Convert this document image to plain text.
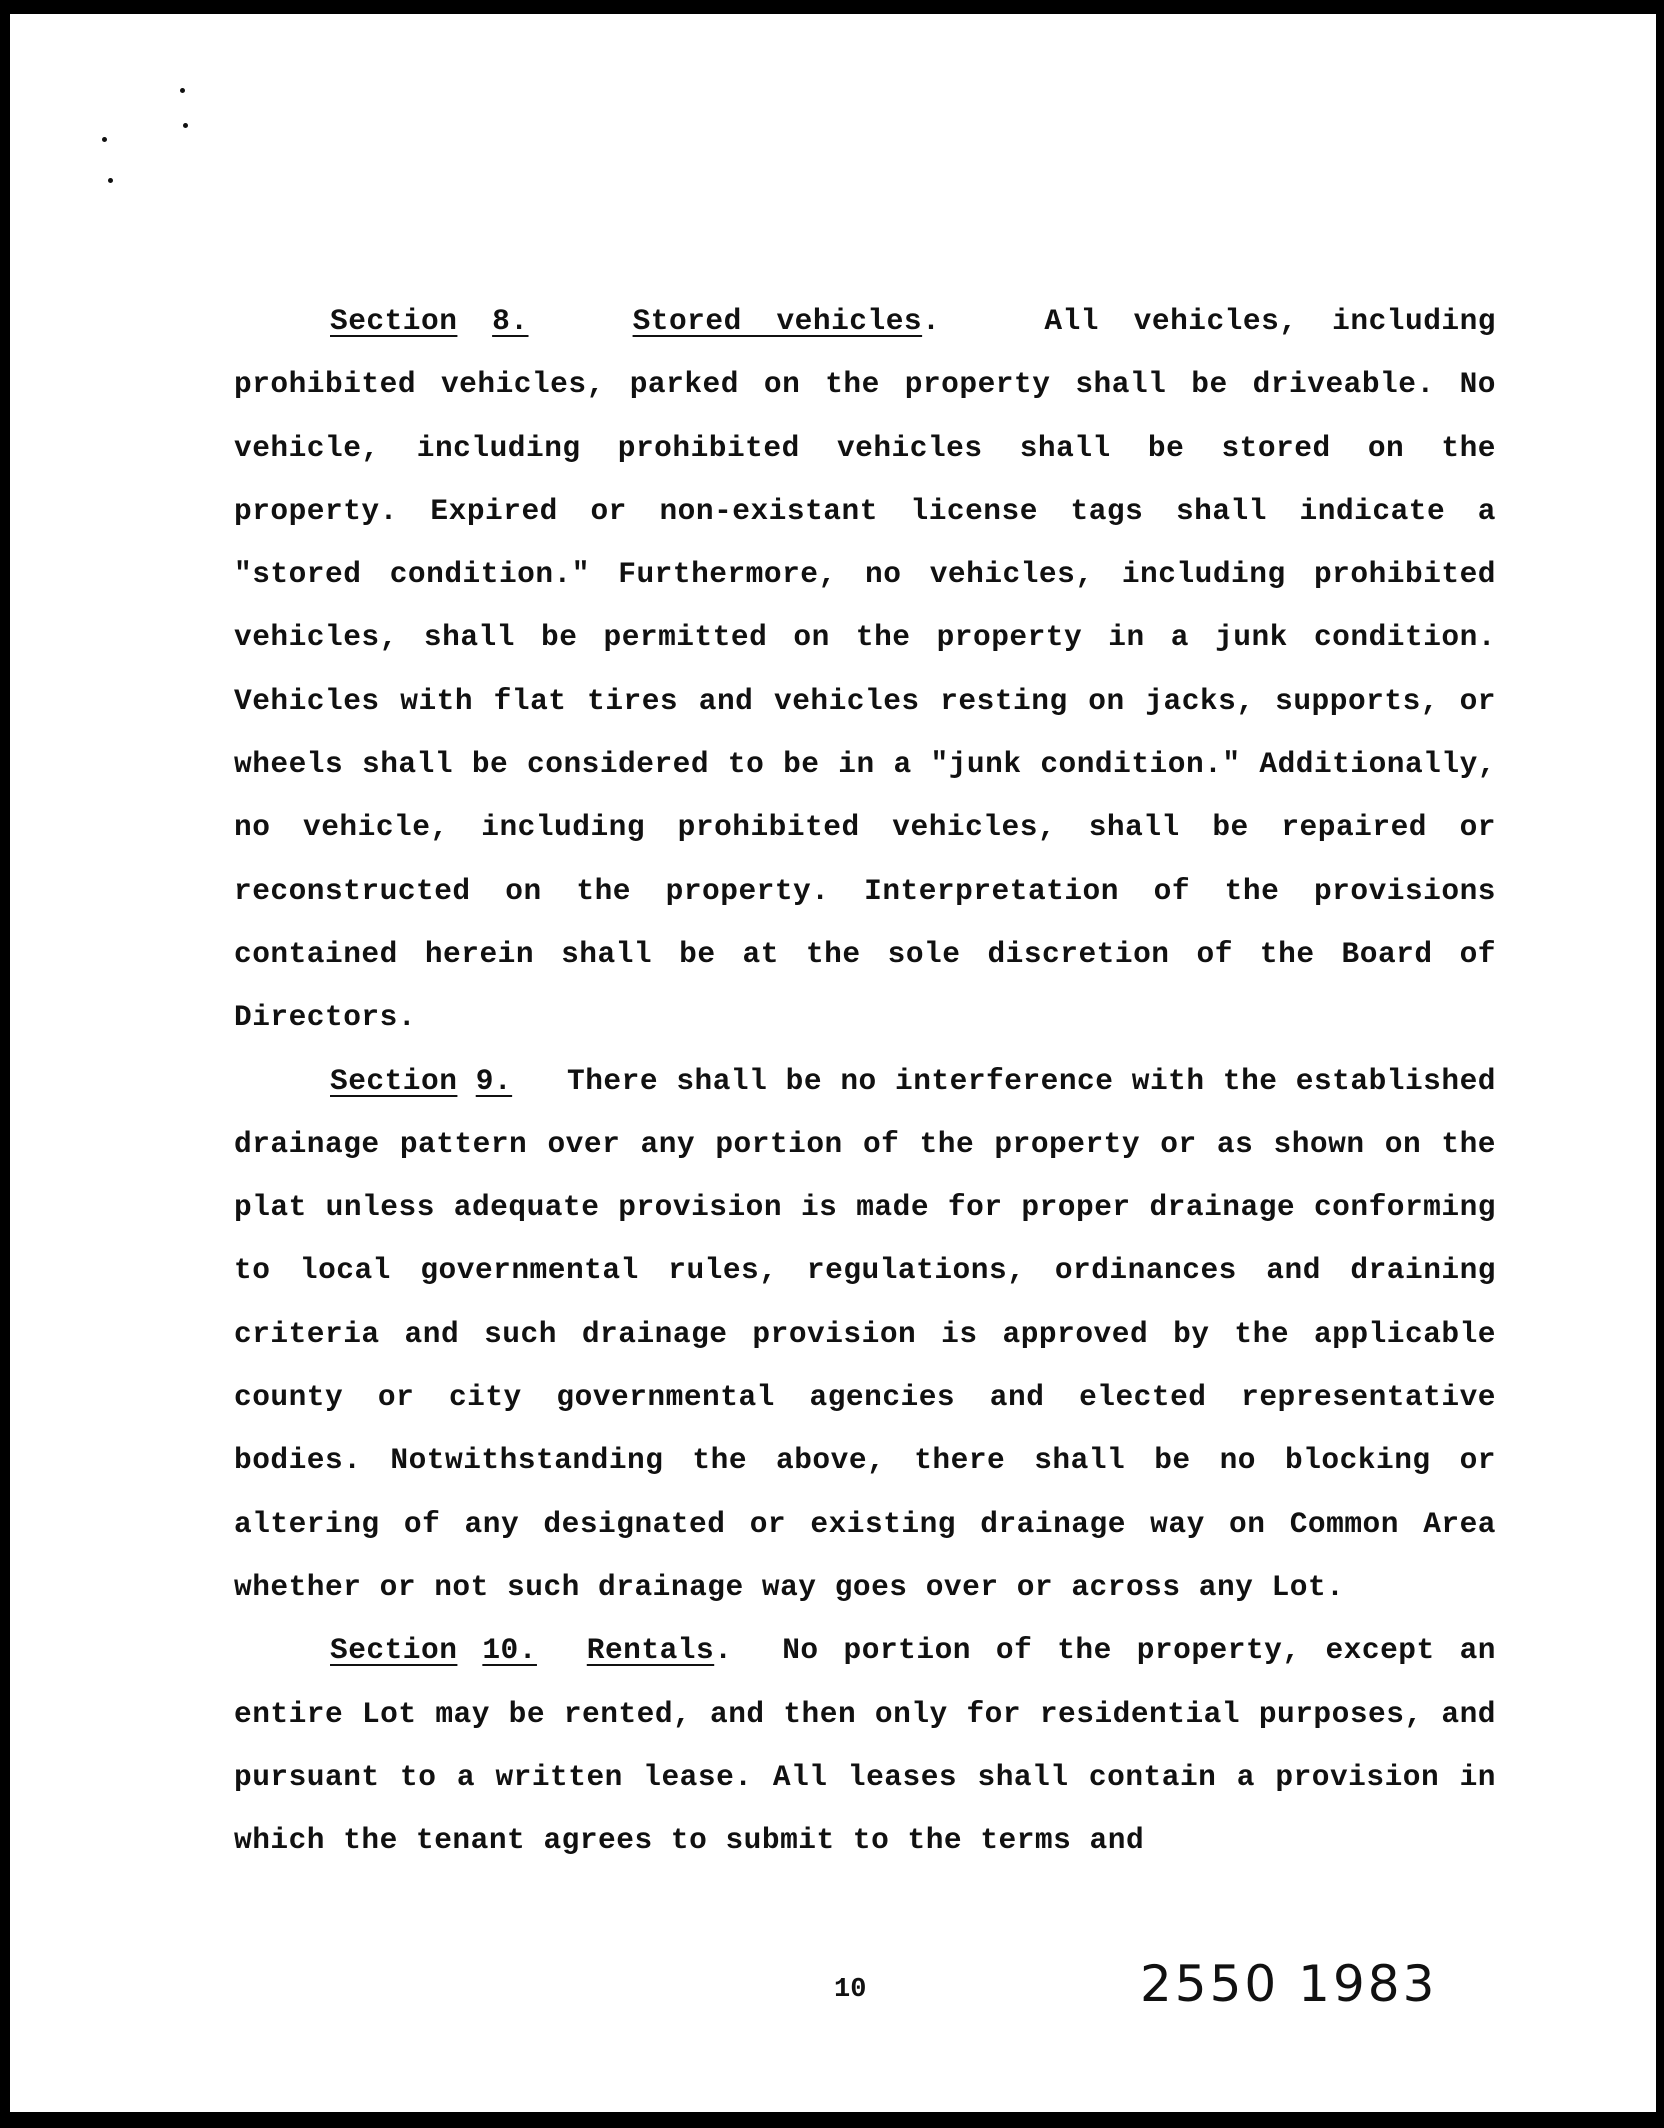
Section 8.	Stored vehicles.   All vehicles, including prohibited vehicles, parked on the property shall be driveable. No vehicle, including prohibited vehicles shall be stored on the property. Expired or non-existant license tags shall indicate a "stored condition." Furthermore, no vehicles, including prohibited vehicles, shall be permitted on the property in a junk condition. Vehicles with flat tires and vehicles resting on jacks, supports, or wheels shall be considered to be in a "junk condition." Additionally, no vehicle, including prohibited vehicles, shall be repaired or reconstructed on the property. Interpretation of the provisions contained herein shall be at the sole discretion of the Board of Directors.

Section 9. There shall be no interference with the established drainage pattern over any portion of the property or as shown on the plat unless adequate provision is made for proper drainage conforming to local governmental rules, regulations, ordinances and draining criteria and such drainage provision is approved by the applicable county or city governmental agencies and elected representative bodies. Notwithstanding the above, there shall be no blocking or altering of any designated or existing drainage way on Common Area whether or not such drainage way goes over or across any Lot.

Section 10. Rentals.  No portion of the property, except an entire Lot may be rented, and then only for residential purposes, and pursuant to a written lease. All leases shall contain a provision in which the tenant agrees to submit to the terms and

10	2550 1983
